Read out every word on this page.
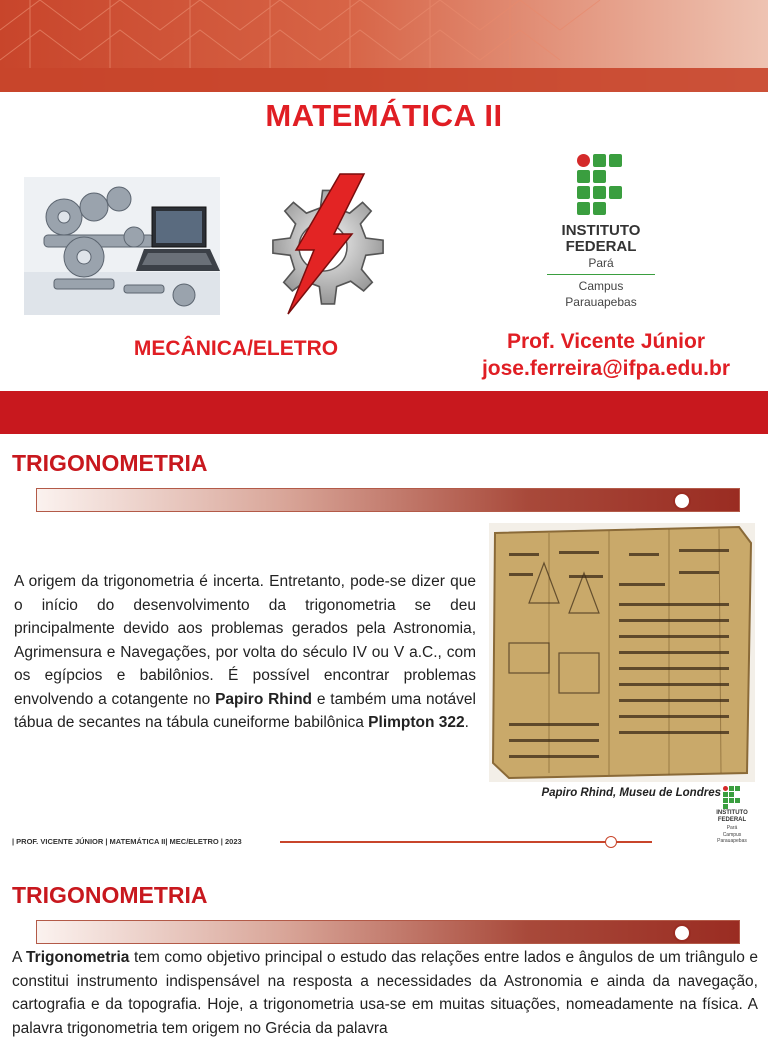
MATEMÁTICA II
INSTITUTO
FEDERAL
Pará
Campus
Parauapebas
MECÂNICA/ELETRO	Prof. Vicente Júnior
jose.ferreira@ifpa.edu.br
TRIGONOMETRIA
A origem da trigonometria é incerta. Entretanto, pode-se dizer que o início do desenvolvimento da trigonometria se deu principalmente devido aos problemas gerados pela Astronomia, Agrimensura e Navegações, por volta do século IV ou V a.C., com os egípcios e babilônios. É possível encontrar problemas envolvendo a cotangente no Papiro Rhind e também uma notável tábua de secantes na tábula cuneiforme babilônica Plimpton 322.
Papiro Rhind, Museu de Londres
INSTITUTO
FEDERAL
Pará
Campus
Parauapebas
| PROF. VICENTE JÚNIOR | MATEMÁTICA II| MEC/ELETRO | 2023
TRIGONOMETRIA
A Trigonometria tem como objetivo principal o estudo das relações entre lados e ângulos de um triângulo e constitui instrumento indispensável na resposta a necessidades da Astronomia e ainda da navegação, cartografia e da topografia. Hoje, a trigonometria usa-se em muitas situações, nomeadamente na física. A palavra trigonometria tem origem no Grécia da palavra
